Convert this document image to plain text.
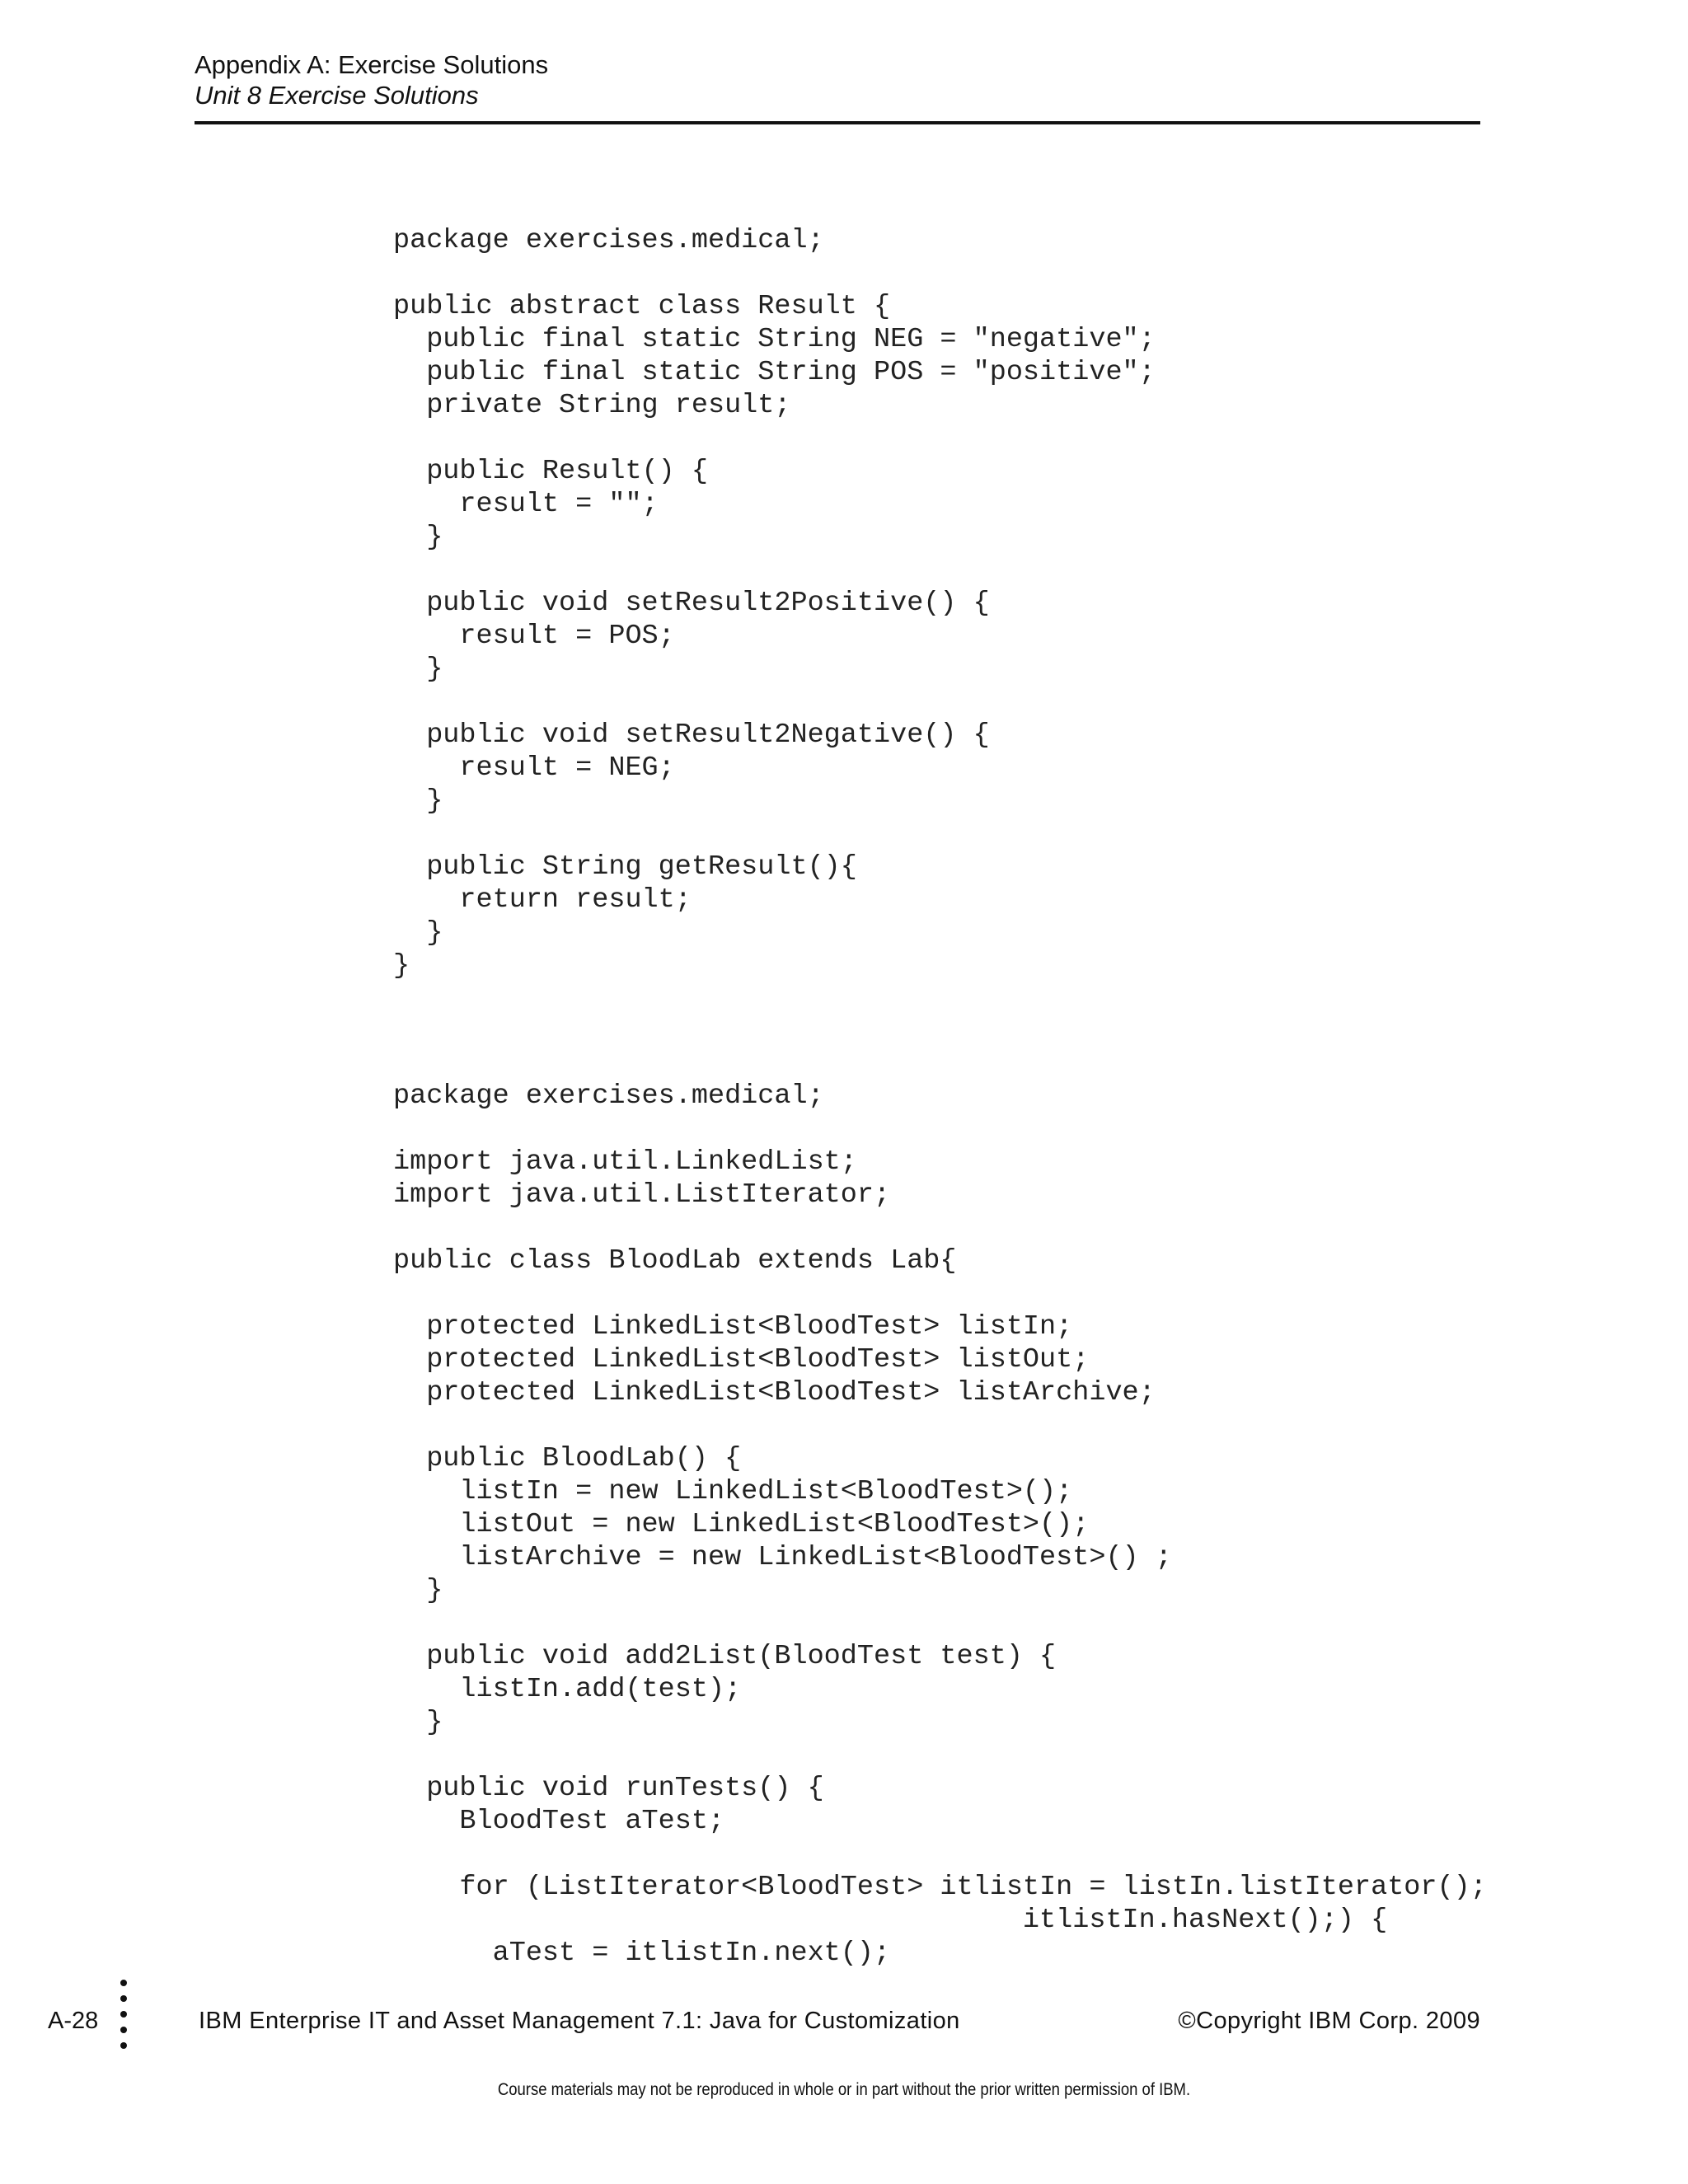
Appendix A: Exercise Solutions

Unit 8 Exercise Solutions

package exercises.medical;
public abstract class Result {
public final static String NEG = "negative";
public final static String POS = "positive";
private String result;
public Result() {
result = "";
}
public void setResult2Positive() {
result = POS;
}
public void setResult2Negative() {
result = NEG;
}
public String getResult(){
return result;
}
}
package exercises.medical;
import java.util.LinkedList;
import java.util.ListIterator;
public class BloodLab extends Lab{
protected LinkedList<BloodTest> listIn;
protected LinkedList<BloodTest> listOut;
protected LinkedList<BloodTest> listArchive;
public BloodLab() {
listIn = new LinkedList<BloodTest>();
listOut = new LinkedList<BloodTest>();
listArchive = new LinkedList<BloodTest>() ;
}
public void add2List(BloodTest test) {
listIn.add(test);
}
public void runTests() {
BloodTest aTest;
for (ListIterator<BloodTest> itlistIn = listIn.listIterator();
itlistIn.hasNext();) {
aTest = itlistIn.next();
A-28	IBM Enterprise IT and Asset Management 7.1: Java for Customization	©Copyright IBM Corp. 2009
Course materials may not be reproduced in whole or in part without the prior written permission of IBM.
